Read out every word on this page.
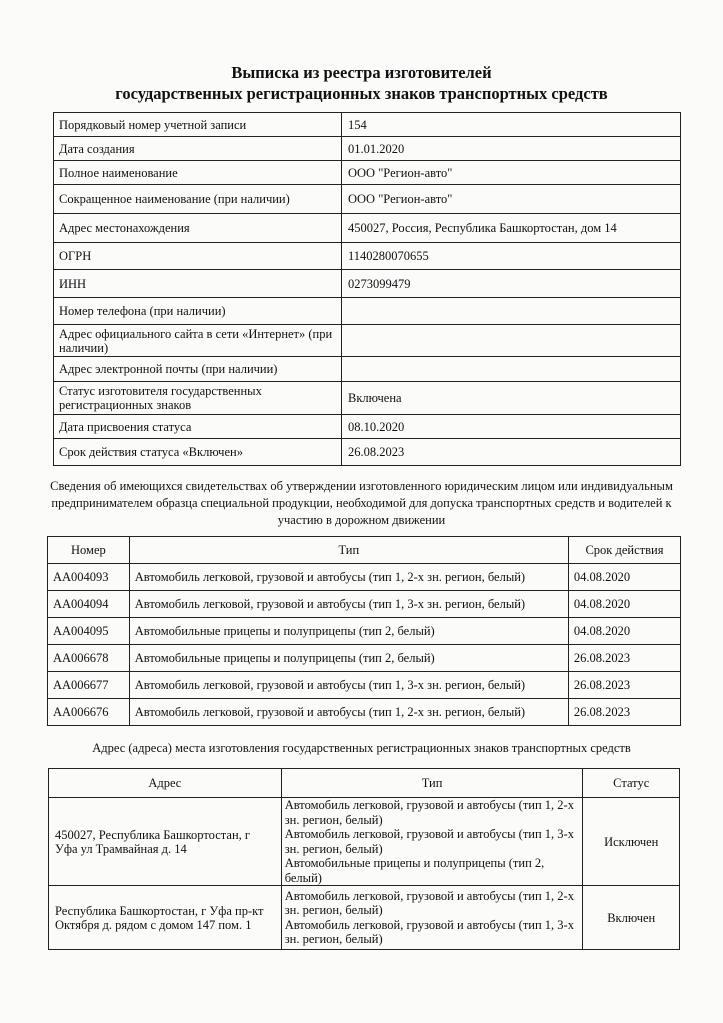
Выписка из реестра изготовителей
государственных регистрационных знаков транспортных средств
Порядковый номер учетной записи	154
Дата создания	01.01.2020
Полное наименование	ООО "Регион-авто"
Сокращенное наименование (при наличии)	ООО "Регион-авто"
Адрес местонахождения	450027, Россия, Республика Башкортостан, дом 14
ОГРН	1140280070655
ИНН	0273099479
Номер телефона (при наличии)	
Адрес официального сайта в сети «Интернет» (при наличии)	
Адрес электронной почты (при наличии)	
Статус изготовителя государственных регистрационных знаков	Включена
Дата присвоения статуса	08.10.2020
Срок действия статуса «Включен»	26.08.2023
Сведения об имеющихся свидетельствах об утверждении изготовленного юридическим лицом или индивидуальным предпринимателем образца специальной продукции, необходимой для допуска транспортных средств и водителей к участию в дорожном движении
Номер	Тип	Срок действия
АА004093	Автомобиль легковой, грузовой и автобусы (тип 1, 2-х зн. регион, белый)	04.08.2020
АА004094	Автомобиль легковой, грузовой и автобусы (тип 1, 3-х зн. регион, белый)	04.08.2020
АА004095	Автомобильные прицепы и полуприцепы (тип 2, белый)	04.08.2020
АА006678	Автомобильные прицепы и полуприцепы (тип 2, белый)	26.08.2023
АА006677	Автомобиль легковой, грузовой и автобусы (тип 1, 3-х зн. регион, белый)	26.08.2023
АА006676	Автомобиль легковой, грузовой и автобусы (тип 1, 2-х зн. регион, белый)	26.08.2023
Адрес (адреса) места изготовления государственных регистрационных знаков транспортных средств
Адрес	Тип	Статус
450027, Республика Башкортостан, г Уфа ул Трамвайная д. 14	Автомобиль легковой, грузовой и автобусы (тип 1, 2-х зн. регион, белый)
Автомобиль легковой, грузовой и автобусы (тип 1, 3-х зн. регион, белый)
Автомобильные прицепы и полуприцепы (тип 2, белый)	Исключен
Республика Башкортостан, г Уфа пр-кт Октября д. рядом с домом 147 пом. 1	Автомобиль легковой, грузовой и автобусы (тип 1, 2-х зн. регион, белый)
Автомобиль легковой, грузовой и автобусы (тип 1, 3-х зн. регион, белый)	Включен
